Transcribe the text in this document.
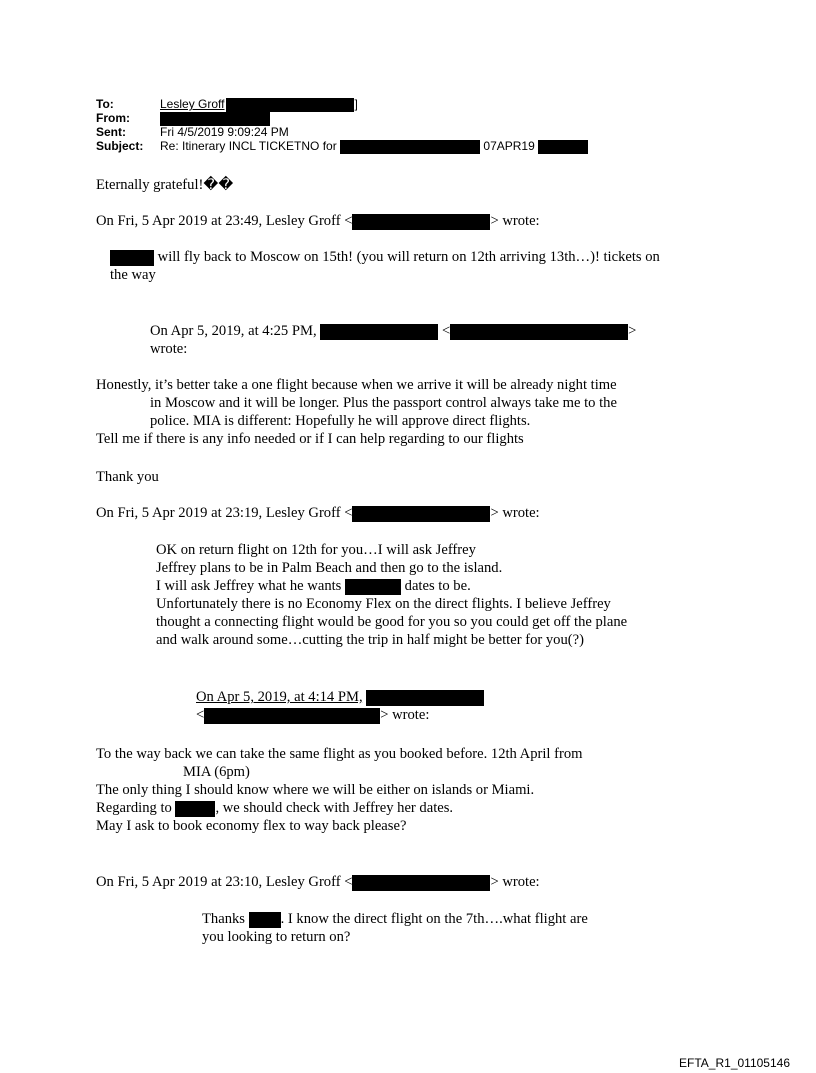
To:	Lesley Groff	]
From:
Sent:	Fri 4/5/2019 9:09:24 PM
Subject: Re: Itinerary INCL TICKETNO for	07APR19
Eternally grateful!��
On Fri, 5 Apr 2019 at 23:49, Lesley Groff <	> wrote:
will fly back to Moscow on 15th! (you will return on 12th arriving 13th…)! tickets on
the way
On Apr 5, 2019, at 4:25 PM,	<	>
wrote:
Honestly, it’s better take a one flight because when we arrive it will be already night time
in Moscow and it will be longer. Plus the passport control always take me to the
police. MIA is different: Hopefully he will approve direct flights.
Tell me if there is any info needed or if I can help regarding to our flights
Thank you
On Fri, 5 Apr 2019 at 23:19, Lesley Groff <	> wrote:
OK on return flight on 12th for you…I will ask Jeffrey
Jeffrey plans to be in Palm Beach and then go to the island.
I will ask Jeffrey what he wants	dates to be.
Unfortunately there is no Economy Flex on the direct flights. I believe Jeffrey
thought a connecting flight would be good for you so you could get off the plane
and walk around some…cutting the trip in half might be better for you(?)
On Apr 5, 2019, at 4:14 PM,
<	> wrote:
To the way back we can take the same flight as you booked before. 12th April from
MIA (6pm)
The only thing I should know where we will be either on islands or Miami.
Regarding to	, we should check with Jeffrey her dates.
May I ask to book economy flex to way back please?
On Fri, 5 Apr 2019 at 23:10, Lesley Groff <	> wrote:
Thanks . I know the direct flight on the 7th….what flight are
you looking to return on?
EFTA_R1_01105146
